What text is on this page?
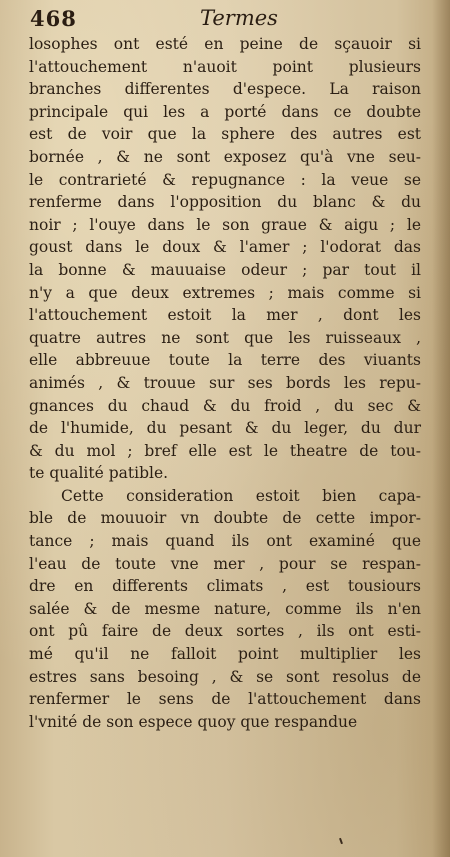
468	Termes
losophes ont esté en peine de sçauoir si
l'attouchement n'auoit point plusieurs
branches differentes d'espece. La raison
principale qui les a porté dans ce doubte
est de voir que la sphere des autres est
bornée , & ne sont exposez qu'à vne seu-
le contrarieté & repugnance : la veue se
renferme dans l'opposition du blanc & du
noir ; l'ouye dans le son graue & aigu ; le
goust dans le doux & l'amer ; l'odorat das
la bonne & mauuaise odeur ; par tout il
n'y a que deux extremes ; mais comme si
l'attouchement estoit la mer , dont les
quatre autres ne sont que les ruisseaux ,
elle abbreuue toute la terre des viuants
animés , & trouue sur ses bords les repu-
gnances du chaud & du froid , du sec &
de l'humide, du pesant & du leger, du dur
& du mol ; bref elle est le theatre de tou-
te qualité patible.
Cette consideration estoit bien capa-
ble de mouuoir vn doubte de cette impor-
tance ; mais quand ils ont examiné que
l'eau de toute vne mer , pour se respan-
dre en differents climats , est tousiours
salée & de mesme nature, comme ils n'en
ont pû faire de deux sortes , ils ont esti-
mé qu'il ne falloit point multiplier les
estres sans besoing , & se sont resolus de
renfermer le sens de l'attouchement dans
l'vnité de son espece quoy que respandue
